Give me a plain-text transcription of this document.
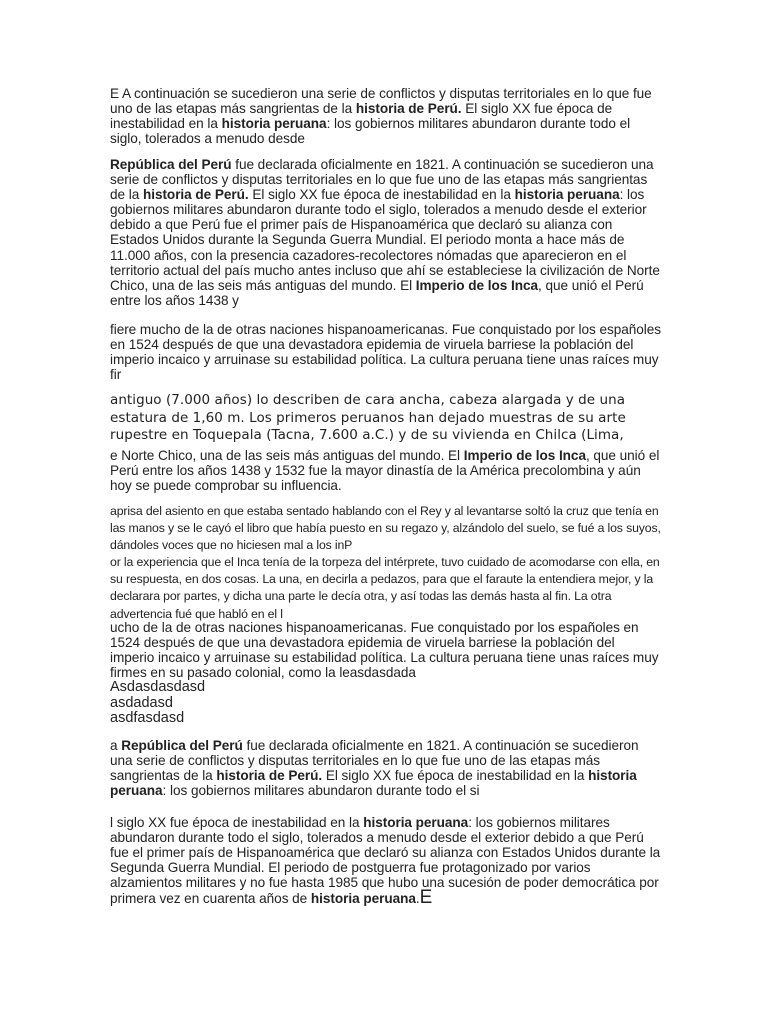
E A continuación se sucedieron una serie de conflictos y disputas territoriales en lo que fue uno de las etapas más sangrientas de la historia de Perú. El siglo XX fue época de inestabilidad en la historia peruana: los gobiernos militares abundaron durante todo el siglo, tolerados a menudo desde

República del Perú fue declarada oficialmente en 1821. A continuación se sucedieron una serie de conflictos y disputas territoriales en lo que fue uno de las etapas más sangrientas de la historia de Perú. El siglo XX fue época de inestabilidad en la historia peruana: los gobiernos militares abundaron durante todo el siglo, tolerados a menudo desde el exterior debido a que Perú fue el primer país de Hispanoamérica que declaró su alianza con Estados Unidos durante la Segunda Guerra Mundial. El periodo monta a hace más de 11.000 años, con la presencia cazadores-recolectores nómadas que aparecieron en el territorio actual del país mucho antes incluso que ahí se estableciese la civilización de Norte Chico, una de las seis más antiguas del mundo. El Imperio de los Inca, que unió el Perú entre los años 1438 y

fiere mucho de la de otras naciones hispanoamericanas. Fue conquistado por los españoles en 1524 después de que una devastadora epidemia de viruela barriese la población del imperio incaico y arruinase su estabilidad política. La cultura peruana tiene unas raíces muy fir

antiguo (7.000 años) lo describen de cara ancha, cabeza alargada y de una estatura de 1,60 m. Los primeros peruanos han dejado muestras de su arte rupestre en Toquepala (Tacna, 7.600 a.C.) y de su vivienda en Chilca (Lima,

e Norte Chico, una de las seis más antiguas del mundo. El Imperio de los Inca, que unió el Perú entre los años 1438 y 1532 fue la mayor dinastía de la América precolombina y aún hoy se puede comprobar su influencia.

aprisa del asiento en que estaba sentado hablando con el Rey y al levantarse soltó la cruz que tenía en las manos y se le cayó el libro que había puesto en su regazo y, alzándolo del suelo, se fué a los suyos, dándoles voces que no hiciesen mal a los inP
or la experiencia que el Inca tenía de la torpeza del intérprete, tuvo cuidado de acomodarse con ella, en su respuesta, en dos cosas. La una, en decirla a pedazos, para que el faraute la entendiera mejor, y la declarara por partes, y dicha una parte le decía otra, y así todas las demás hasta al fin. La otra advertencia fué que habló en el l

ucho de la de otras naciones hispanoamericanas. Fue conquistado por los españoles en 1524 después de que una devastadora epidemia de viruela barriese la población del imperio incaico y arruinase su estabilidad política. La cultura peruana tiene unas raíces muy firmes en su pasado colonial, como la leasdasdada

Asdasdasdasd
asdadasd
asdfasdasd

a República del Perú fue declarada oficialmente en 1821. A continuación se sucedieron una serie de conflictos y disputas territoriales en lo que fue uno de las etapas más sangrientas de la historia de Perú. El siglo XX fue época de inestabilidad en la historia peruana: los gobiernos militares abundaron durante todo el si

l siglo XX fue época de inestabilidad en la historia peruana: los gobiernos militares abundaron durante todo el siglo, tolerados a menudo desde el exterior debido a que Perú fue el primer país de Hispanoamérica que declaró su alianza con Estados Unidos durante la Segunda Guerra Mundial. El periodo de postguerra fue protagonizado por varios alzamientos militares y no fue hasta 1985 que hubo una sucesión de poder democrática por primera vez en cuarenta años de historia peruana.E
